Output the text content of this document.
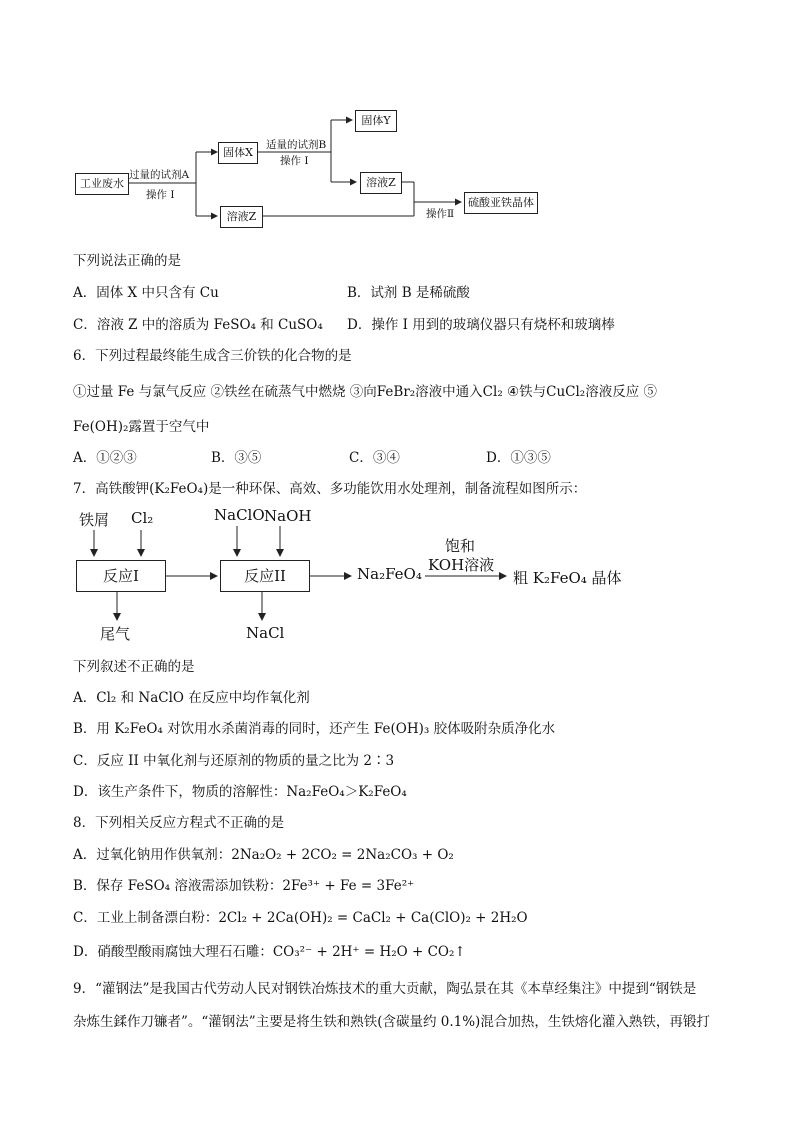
工业废水
固体X
固体Y
溶液Z
溶液Z
硫酸亚铁晶体
过量的试剂A
操作 I
适量的试剂B
操作 I
操作Ⅱ
下列说法正确的是
A．固体 X 中只含有 Cu	B．试剂 B 是稀硫酸
C．溶液 Z 中的溶质为 FeSO₄ 和 CuSO₄ D．操作 I 用到的玻璃仪器只有烧杯和玻璃棒
6．下列过程最终能生成含三价铁的化合物的是
①过量 Fe 与氯气反应 ②铁丝在硫蒸气中燃烧 ③向FeBr₂溶液中通入Cl₂ ④铁与CuCl₂溶液反应 ⑤
Fe(OH)₂露置于空气中
A．①②③	B．③⑤	C．③④	D．①③⑤
7．高铁酸钾(K₂FeO₄)是一种环保、高效、多功能饮用水处理剂，制备流程如图所示：
铁屑 Cl₂
反应I
尾气
NaClO NaOH
反应II
NaCl
Na₂FeO₄
饱和
KOH溶液
粗 K₂FeO₄ 晶体
下列叙述不正确的是
A．Cl₂ 和 NaClO 在反应中均作氧化剂
B．用 K₂FeO₄ 对饮用水杀菌消毒的同时，还产生 Fe(OH)₃ 胶体吸附杂质净化水
C．反应 II 中氧化剂与还原剂的物质的量之比为 2∶3
D．该生产条件下，物质的溶解性：Na₂FeO₄＞K₂FeO₄
8．下列相关反应方程式不正确的是
A．过氧化钠用作供氧剂：2Na₂O₂ + 2CO₂ = 2Na₂CO₃ + O₂
B．保存 FeSO₄ 溶液需添加铁粉：2Fe³⁺ + Fe = 3Fe²⁺
C．工业上制备漂白粉：2Cl₂ + 2Ca(OH)₂ = CaCl₂ + Ca(ClO)₂ + 2H₂O
D．硝酸型酸雨腐蚀大理石石雕：CO₃²⁻ + 2H⁺ = H₂O + CO₂↑
9．“灌钢法”是我国古代劳动人民对钢铁冶炼技术的重大贡献，陶弘景在其《本草经集注》中提到“钢铁是
杂炼生鍒作刀镰者”。“灌钢法”主要是将生铁和熟铁(含碳量约 0.1%)混合加热，生铁熔化灌入熟铁，再锻打
